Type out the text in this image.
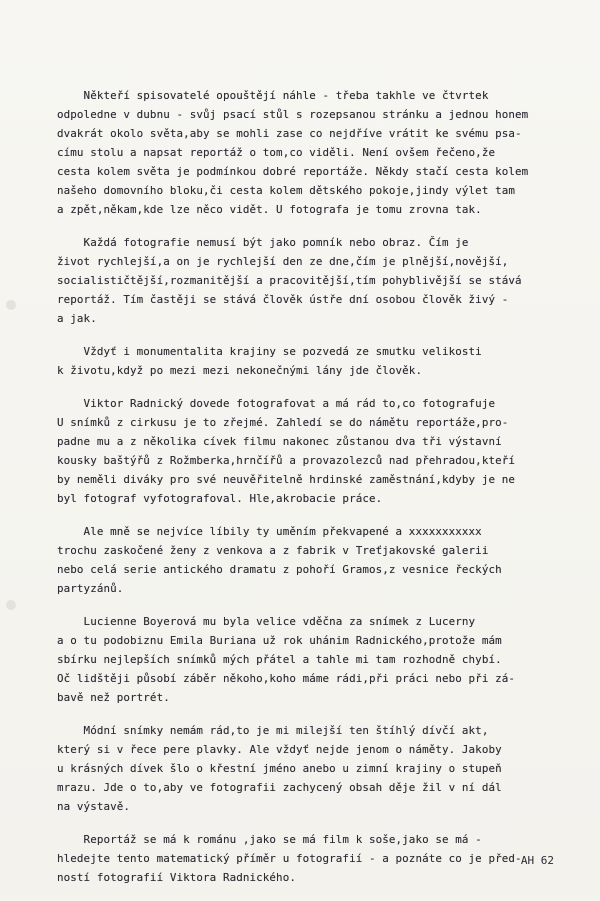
Někteří spisovatelé opouštějí náhle - třeba takhle ve čtvrtek
odpoledne v dubnu - svůj psací stůl s rozepsanou stránku a jednou honem
dvakrát okolo světa,aby se mohli zase co nejdříve vrátit ke svému psa-
címu stolu a napsat reportáž o tom,co viděli. Není ovšem řečeno,že
cesta kolem světa je podmínkou dobré reportáže. Někdy stačí cesta kolem
našeho domovního bloku,či cesta kolem dětského pokoje,jindy výlet tam
a zpět,někam,kde lze něco vidět. U fotografa je tomu zrovna tak.

Každá fotografie nemusí být jako pomník nebo obraz. Čím je
život rychlejší,a on je rychlejší den ze dne,čím je plnější,novější,
socialističtější,rozmanitější a pracovitější,tím pohyblivější se stává
reportáž. Tím častěji se stává člověk ústře dní osobou člověk živý -
a jak.

Vždyť i monumentalita krajiny se pozvedá ze smutku velikosti
k životu,když po mezi mezi nekonečnými lány jde člověk.

Viktor Radnický dovede fotografovat a má rád to,co fotografuje
U snímků z cirkusu je to zřejmé. Zahledí se do námětu reportáže,pro-
padne mu a z několika cívek filmu nakonec zůstanou dva tři výstavní
kousky baštýřů z Rožmberka,hrnčířů a provazolezců nad přehradou,kteří
by neměli diváky pro své neuvěřitelně hrdinské zaměstnání,kdyby je ne
byl fotograf vyfotografoval. Hle,akrobacie práce.

Ale mně se nejvíce líbily ty uměním překvapené a xxxxxxxxxxx
trochu zaskočené ženy z venkova a z fabrik v Treťjakovské galerii
nebo celá serie antického dramatu z pohoří Gramos,z vesnice řeckých
partyzánů.

Lucienne Boyerová mu byla velice vděčna za snímek z Lucerny
a o tu podobiznu Emila Buriana už rok uhánim Radnického,protože mám
sbírku nejlepších snímků mých přátel a tahle mi tam rozhodně chybí.
Oč lidštěji působí záběr někoho,koho máme rádi,při práci nebo při zá-
bavě než portrét.

Módní snímky nemám rád,to je mi milejší ten štíhlý dívčí akt,
který si v řece pere plavky. Ale vždyť nejde jenom o náměty. Jakoby
u krásných dívek šlo o křestní jméno anebo u zimní krajiny o stupeň
mrazu. Jde o to,aby ve fotografii zachycený obsah děje žil v ní dál
na výstavě.

Reportáž se má k románu ,jako se má film k soše,jako se má -
hledejte tento matematický příměr u fotografií - a poznáte co je před-
ností fotografií Viktora Radnického.

AH 62
